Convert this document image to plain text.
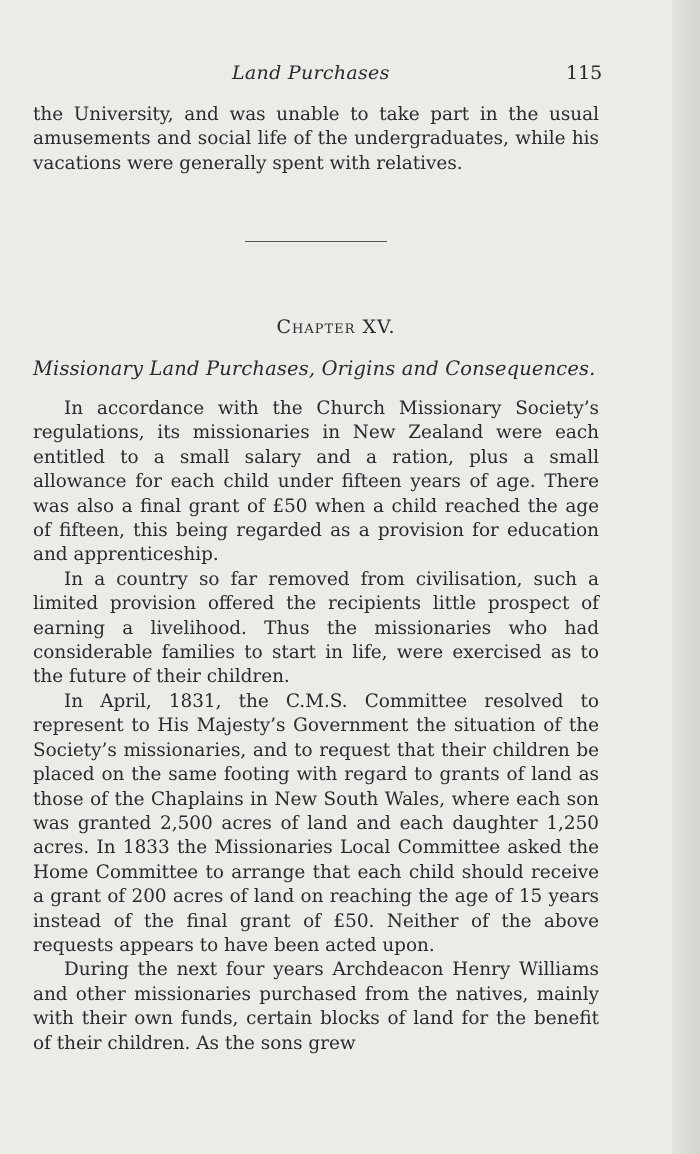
Land Purchases	115

the University, and was unable to take part in the usual amusements and social life of the undergraduates, while his vacations were generally spent with relatives.

Chapter XV.
Missionary Land Purchases, Origins and Consequences.

In accordance with the Church Missionary Society’s regulations, its missionaries in New Zealand were each entitled to a small salary and a ration, plus a small allowance for each child under fifteen years of age. There was also a final grant of £50 when a child reached the age of fifteen, this being regarded as a provision for education and apprenticeship.

In a country so far removed from civilisation, such a limited provision offered the recipients little prospect of earning a livelihood. Thus the missionaries who had considerable families to start in life, were exercised as to the future of their children.

In April, 1831, the C.M.S. Committee resolved to represent to His Majesty’s Government the situation of the Society’s missionaries, and to request that their children be placed on the same footing with regard to grants of land as those of the Chaplains in New South Wales, where each son was granted 2,500 acres of land and each daughter 1,250 acres. In 1833 the Missionaries Local Committee asked the Home Committee to arrange that each child should receive a grant of 200 acres of land on reaching the age of 15 years instead of the final grant of £50. Neither of the above requests appears to have been acted upon.

During the next four years Archdeacon Henry Williams and other missionaries purchased from the natives, mainly with their own funds, certain blocks of land for the benefit of their children. As the sons grew
